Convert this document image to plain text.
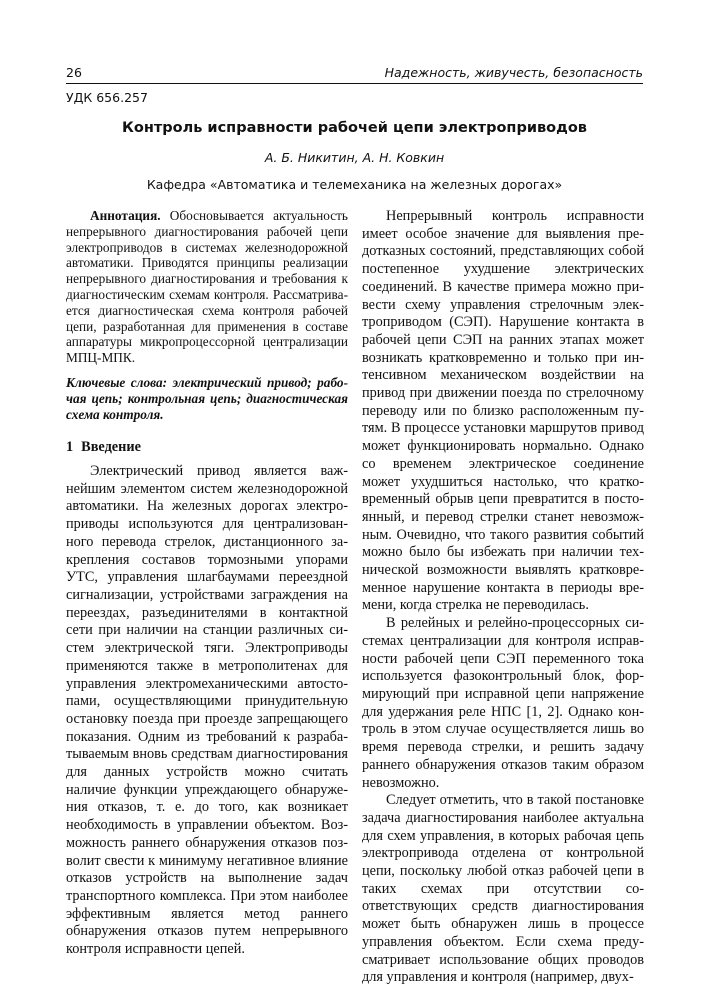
26	Надежность, живучесть, безопасность
УДК 656.257
Контроль исправности рабочей цепи электроприводов
А. Б. Никитин, А. Н. Ковкин
Кафедра «Автоматика и телемеханика на железных дорогах»

Аннотация. Обосновывается актуальность непрерывного диагностирования рабочей цепи электроприводов в системах железнодорожной автоматики. Приводятся принципы реализации непрерывного диагностирования и требования к диагностическим схемам контроля. Рассматривается диагностическая схема контроля рабочей цепи, разработанная для применения в составе аппаратуры микропроцессорной централизации МПЦ-МПК.

Ключевые слова: электрический привод; рабочая цепь; контрольная цепь; диагностическая схема контроля.

1 Введение

Электрический привод является важнейшим элементом систем железнодорожной автоматики. На железных дорогах электроприводы используются для централизованного перевода стрелок, дистанционного закрепления составов тормозными упорами УТС, управления шлагбаумами переездной сигнализации, устройствами заграждения на переездах, разъединителями в контактной сети при наличии на станции различных систем электрической тяги. Электроприводы применяются также в метрополитенах для управления электромеханическими автостопами, осуществляющими принудительную остановку поезда при проезде запрещающего показания. Одним из требований к разрабатываемым вновь средствам диагностирования для данных устройств можно считать наличие функции упреждающего обнаружения отказов, т. е. до того, как возникает необходимость в управлении объектом. Возможность раннего обнаружения отказов позволит свести к минимуму негативное влияние отказов устройств на выполнение задач транспортного комплекса. При этом наиболее эффективным является метод раннего обнаружения отказов путем непрерывного контроля исправности цепей.

Непрерывный контроль исправности имеет особое значение для выявления предотказных состояний, представляющих собой постепенное ухудшение электрических соединений. В качестве примера можно привести схему управления стрелочным электроприводом (СЭП). Нарушение контакта в рабочей цепи СЭП на ранних этапах может возникать кратковременно и только при интенсивном механическом воздействии на привод при движении поезда по стрелочному переводу или по близко расположенным путям. В процессе установки маршрутов привод может функционировать нормально. Однако со временем электрическое соединение может ухудшиться настолько, что кратковременный обрыв цепи превратится в постоянный, и перевод стрелки станет невозможным. Очевидно, что такого развития событий можно было бы избежать при наличии технической возможности выявлять кратковременное нарушение контакта в периоды времени, когда стрелка не переводилась.

В релейных и релейно-процессорных системах централизации для контроля исправности рабочей цепи СЭП переменного тока используется фазоконтрольный блок, формирующий при исправной цепи напряжение для удержания реле НПС [1, 2]. Однако контроль в этом случае осуществляется лишь во время перевода стрелки, и решить задачу раннего обнаружения отказов таким образом невозможно.

Следует отметить, что в такой постановке задача диагностирования наиболее актуальна для схем управления, в которых рабочая цепь электропривода отделена от контрольной цепи, поскольку любой отказ рабочей цепи в таких схемах при отсутствии соответствующих средств диагностирования может быть обнаружен лишь в процессе управления объектом. Если схема предусматривает использование общих проводов для управления и контроля (например, двух-
